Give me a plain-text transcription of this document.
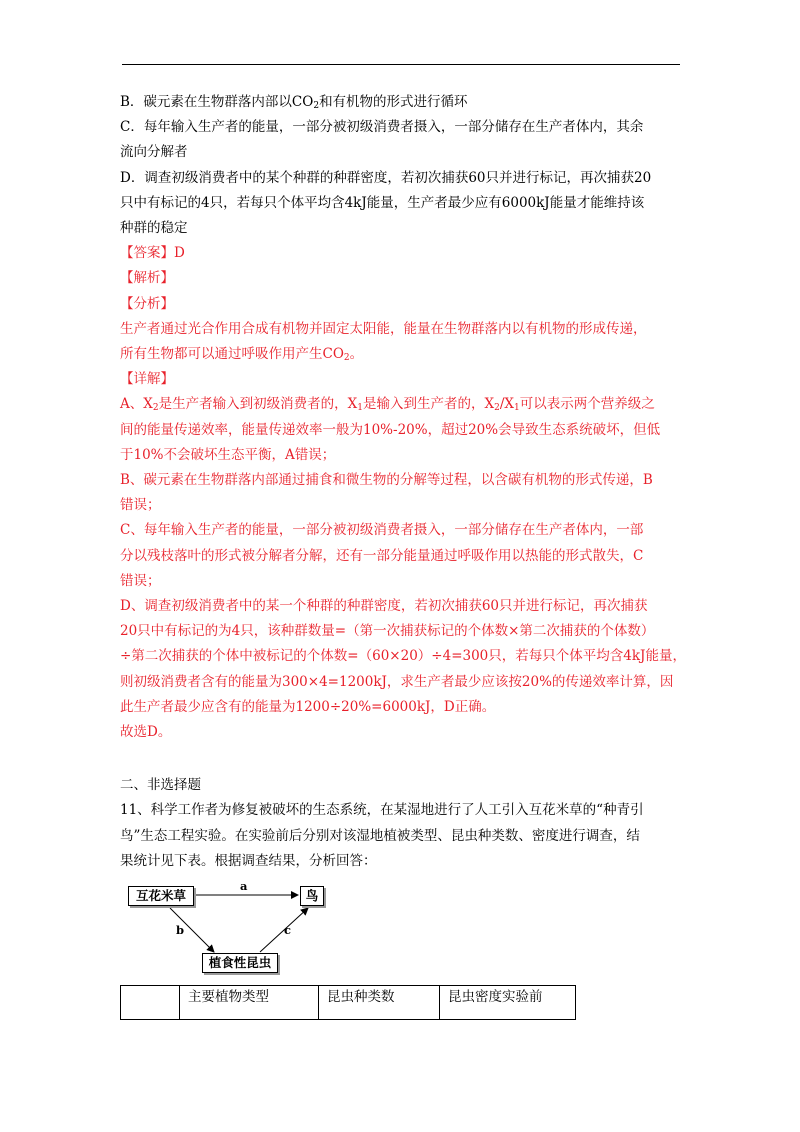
B．碳元素在生物群落内部以$CO_2$和有机物的形式进行循环

C．每年输入生产者的能量，一部分被初级消费者摄入，一部分储存在生产者体内，其余

流向分解者

D．调查初级消费者中的某个种群的种群密度，若初次捕获60只并进行标记，再次捕获20

只中有标记的4只，若每只个体平均含4kJ能量，生产者最少应有6000kJ能量才能维持该

种群的稳定

【答案】D

【解析】

【分析】

生产者通过光合作用合成有机物并固定太阳能，能量在生物群落内以有机物的形成传递，

所有生物都可以通过呼吸作用产生$CO_2$。

【详解】

A、$X_2$是生产者输入到初级消费者的，$X_1$是输入到生产者的，$X_2/X_1$可以表示两个营养级之

间的能量传递效率，能量传递效率一般为10%-20%，超过20%会导致生态系统破坏，但低

于10%不会破坏生态平衡，A错误；

B、碳元素在生物群落内部通过捕食和微生物的分解等过程，以含碳有机物的形式传递，B

错误；

C、每年输入生产者的能量，一部分被初级消费者摄入，一部分储存在生产者体内，一部

分以残枝落叶的形式被分解者分解，还有一部分能量通过呼吸作用以热能的形式散失，C

错误；

D、调查初级消费者中的某一个种群的种群密度，若初次捕获60只并进行标记，再次捕获

20只中有标记的为4只，该种群数量=（第一次捕获标记的个体数×第二次捕获的个体数）

÷第二次捕获的个体中被标记的个体数=（60×20）÷4=300只，若每只个体平均含4kJ能量，

则初级消费者含有的能量为300×4=1200kJ，求生产者最少应该按20%的传递效率计算，因

此生产者最少应含有的能量为1200÷20%=6000kJ，D正确。

故选D。

二、非选择题

11、科学工作者为修复被破坏的生态系统，在某湿地进行了人工引入互花米草的“种青引

鸟”生态工程实验。在实验前后分别对该湿地植被类型、昆虫种类数、密度进行调查，结

果统计见下表。根据调查结果，分析回答：

互花米草	鸟
植食性昆虫
a
b	c
	主要植物类型	昆虫种类数	昆虫密度实验前
